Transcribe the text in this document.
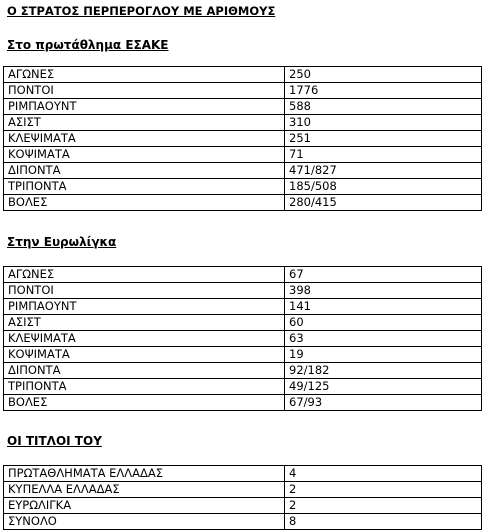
Ο ΣΤΡΑΤΟΣ ΠΕΡΠΕΡΟΓΛΟΥ ΜΕ ΑΡΙΘΜΟΥΣ
Στο πρωτάθλημα ΕΣΑΚΕ
ΑΓΩΝΕΣ	250
ΠΟΝΤΟΙ	1776
ΡΙΜΠΑΟΥΝΤ	588
ΑΣΙΣΤ	310
ΚΛΕΨΙΜΑΤΑ	251
ΚΟΨΙΜΑΤΑ	71
ΔΙΠΟΝΤΑ	471/827
ΤΡΙΠΟΝΤΑ	185/508
ΒΟΛΕΣ	280/415
Στην Ευρωλίγκα
ΑΓΩΝΕΣ	67
ΠΟΝΤΟΙ	398
ΡΙΜΠΑΟΥΝΤ	141
ΑΣΙΣΤ	60
ΚΛΕΨΙΜΑΤΑ	63
ΚΟΨΙΜΑΤΑ	19
ΔΙΠΟΝΤΑ	92/182
ΤΡΙΠΟΝΤΑ	49/125
ΒΟΛΕΣ	67/93
ΟΙ ΤΙΤΛΟΙ ΤΟΥ
ΠΡΩΤΑΘΛΗΜΑΤΑ ΕΛΛΑΔΑΣ	4
ΚΥΠΕΛΛΑ ΕΛΛΑΔΑΣ	2
ΕΥΡΩΛΙΓΚΑ	2
ΣΥΝΟΛΟ	8
